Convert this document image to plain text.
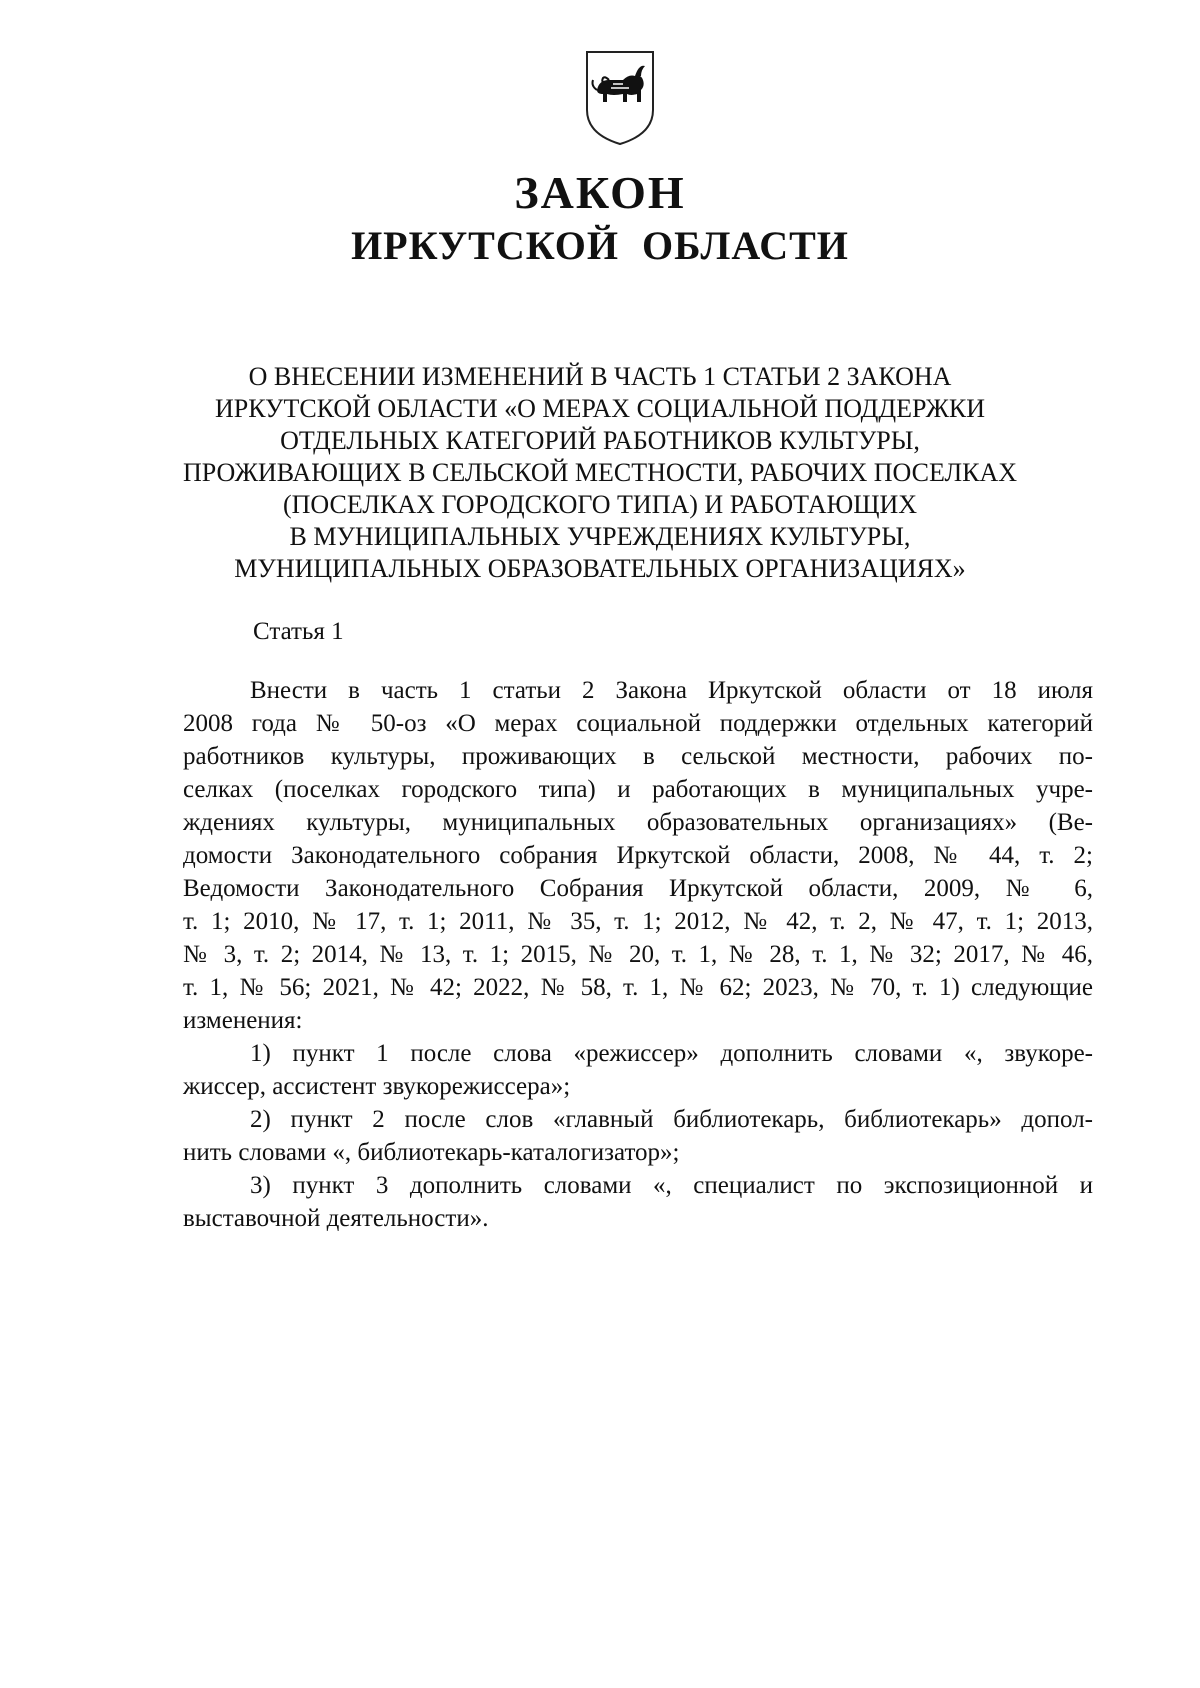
ЗАКОН
ИРКУТСКОЙ ОБЛАСТИ

О ВНЕСЕНИИ ИЗМЕНЕНИЙ В ЧАСТЬ 1 СТАТЬИ 2 ЗАКОНА
ИРКУТСКОЙ ОБЛАСТИ «О МЕРАХ СОЦИАЛЬНОЙ ПОДДЕРЖКИ
ОТДЕЛЬНЫХ КАТЕГОРИЙ РАБОТНИКОВ КУЛЬТУРЫ,
ПРОЖИВАЮЩИХ В СЕЛЬСКОЙ МЕСТНОСТИ, РАБОЧИХ ПОСЕЛКАХ
(ПОСЕЛКАХ ГОРОДСКОГО ТИПА) И РАБОТАЮЩИХ
В МУНИЦИПАЛЬНЫХ УЧРЕЖДЕНИЯХ КУЛЬТУРЫ,
МУНИЦИПАЛЬНЫХ ОБРАЗОВАТЕЛЬНЫХ ОРГАНИЗАЦИЯХ»

Статья 1

Внести в часть 1 статьи 2 Закона Иркутской области от 18 июля
2008 года № 50-оз «О мерах социальной поддержки отдельных категорий
работников культуры, проживающих в сельской местности, рабочих по-
селках (поселках городского типа) и работающих в муниципальных учре-
ждениях культуры, муниципальных образовательных организациях» (Ве-
домости Законодательного собрания Иркутской области, 2008, № 44, т. 2;
Ведомости Законодательного Собрания Иркутской области, 2009, № 6,
т. 1; 2010, № 17, т. 1; 2011, № 35, т. 1; 2012, № 42, т. 2, № 47, т. 1; 2013,
№ 3, т. 2; 2014, № 13, т. 1; 2015, № 20, т. 1, № 28, т. 1, № 32; 2017, № 46,
т. 1, № 56; 2021, № 42; 2022, № 58, т. 1, № 62; 2023, № 70, т. 1) следующие
изменения:

1) пункт 1 после слова «режиссер» дополнить словами «, звукоре-
жиссер, ассистент звукорежиссера»;

2) пункт 2 после слов «главный библиотекарь, библиотекарь» допол-
нить словами «, библиотекарь-каталогизатор»;

3) пункт 3 дополнить словами «, специалист по экспозиционной и
выставочной деятельности».
